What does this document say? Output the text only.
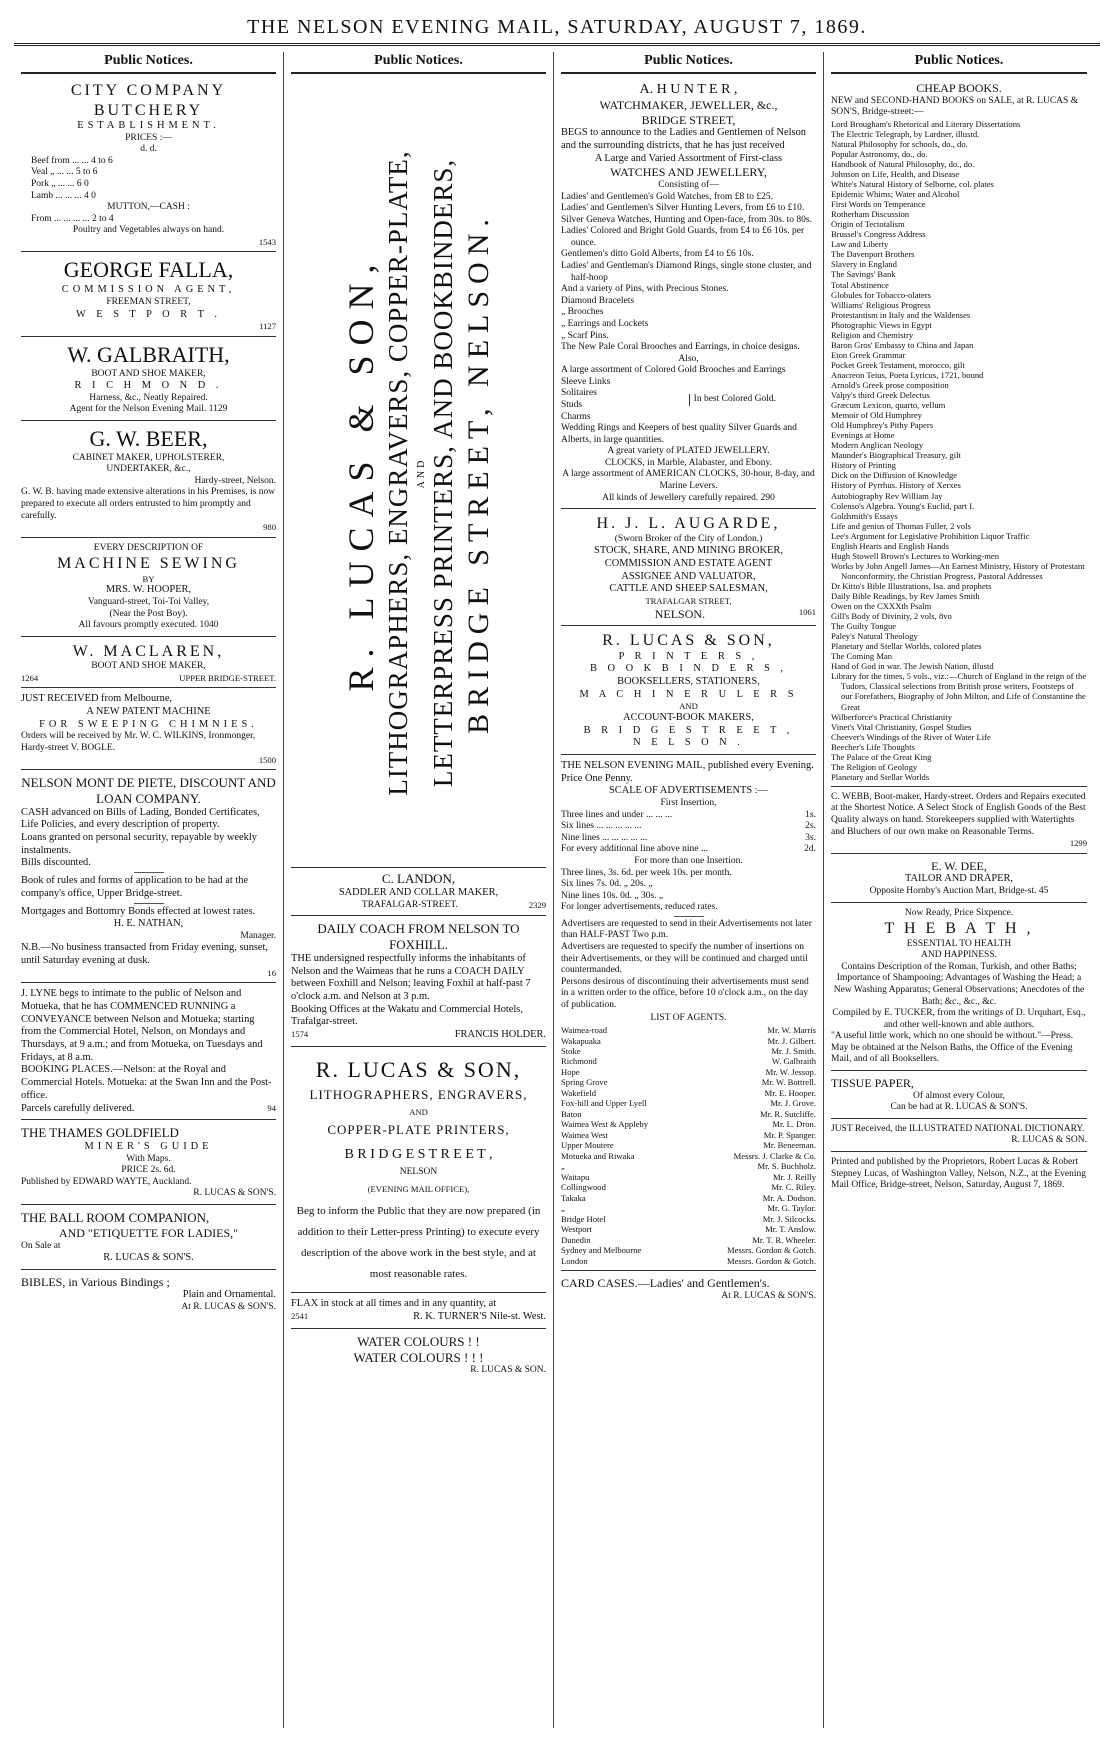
THE NELSON EVENING MAIL, SATURDAY, AUGUST 7, 1869.
Public Notices.
CITY COMPANY BUTCHERY
ESTABLISHMENT.
PRICES :—
d. d.
Beef from ... ... 4 to 6
Veal „ ... ... 5 to 6
Pork „ ... ... 6 0
Lamb ... ... ... 4 0
MUTTON,—CASH :
From ... ... ... ... 2 to 4
Poultry and Vegetables always on hand.
1543
GEORGE FALLA,
COMMISSION AGENT,
FREEMAN STREET,
W E S T P O R T .
1127
W. GALBRAITH,
BOOT AND SHOE MAKER,
R I C H M O N D .
Harness, &c., Neatly Repaired.
Agent for the Nelson Evening Mail. 1129
G. W. BEER,
CABINET MAKER, UPHOLSTERER,
UNDERTAKER, &c.,
Hardy-street, Nelson.
G. W. B. having made extensive alterations in his Premises, is now prepared to execute all orders entrusted to him promptly and carefully.
980
EVERY DESCRIPTION OF
MACHINE SEWING
BY
MRS. W. HOOPER,
Vanguard-street, Toi-Toi Valley,
(Near the Post Boy).
All favours promptly executed. 1040
W. MACLAREN,
BOOT AND SHOE MAKER,
1264	UPPER BRIDGE-STREET.
JUST RECEIVED from Melbourne,
A NEW PATENT MACHINE
FOR SWEEPING CHIMNIES.
Orders will be received by Mr. W. C. WILKINS, Ironmonger, Hardy-street V. BOGLE.
1500
NELSON MONT DE PIETE, DISCOUNT AND LOAN COMPANY.
CASH advanced on Bills of Lading, Bonded Certificates, Life Policies, and every description of property.
Loans granted on personal security, repayable by weekly instalments.
Bills discounted.
Book of rules and forms of application to be had at the company's office, Upper Bridge-street.
Mortgages and Bottomry Bonds effected at lowest rates.
H. E. NATHAN,
Manager.
N.B.—No business transacted from Friday evening, sunset, until Saturday evening at dusk.
16
J. LYNE begs to intimate to the public of Nelson and Motueka, that he has COMMENCED RUNNING a CONVEYANCE between Nelson and Motueka; starting from the Commercial Hotel, Nelson, on Mondays and Thursdays, at 9 a.m.; and from Motueka, on Tuesdays and Fridays, at 8 a.m.
BOOKING PLACES.—Nelson: at the Royal and Commercial Hotels. Motueka: at the Swan Inn and the Post-office.
Parcels carefully delivered.	94
THE THAMES GOLDFIELD
MINER'S GUIDE
With Maps.
PRICE 2s. 6d.
Published by EDWARD WAYTE, Auckland.
R. LUCAS & SON'S.
THE BALL ROOM COMPANION,
AND "ETIQUETTE FOR LADIES,"
On Sale at
R. LUCAS & SON'S.
BIBLES, in Various Bindings ;
Plain and Ornamental.
At R. LUCAS & SON'S.
Public Notices.
R. LUCAS & SON, LITHOGRAPHERS, ENGRAVERS, COPPER-PLATE, AND LETTERPRESS PRINTERS, AND BOOKBINDERS, BRIDGE STREET, NELSON.
C. LANDON,
SADDLER AND COLLAR MAKER,
TRAFALGAR-STREET.	2329
DAILY COACH FROM NELSON TO FOXHILL.
THE undersigned respectfully informs the inhabitants of Nelson and the Waimeas that he runs a COACH DAILY between Foxhill and Nelson; leaving Foxhil at half-past 7 o'clock a.m. and Nelson at 3 p.m.
Booking Offices at the Wakatu and Commercial Hotels, Trafalgar-street.
1574	FRANCIS HOLDER.
R. LUCAS & SON,
LITHOGRAPHERS, ENGRAVERS,
AND
COPPER-PLATE PRINTERS,
B R I D G E S T R E E T ,
NELSON
(EVENING MAIL OFFICE),
Beg to inform the Public that they are now prepared (in addition to their Letter-press Printing) to execute every description of the above work in the best style, and at most reasonable rates.
FLAX in stock at all times and in any quantity, at
2541	R. K. TURNER'S Nile-st. West.
WATER COLOURS ! !
WATER COLOURS ! ! !
R. LUCAS & SON.
Public Notices.
A. H U N T E R ,
WATCHMAKER, JEWELLER, &c.,
BRIDGE STREET,
BEGS to announce to the Ladies and Gentlemen of Nelson and the surrounding districts, that he has just received
A Large and Varied Assortment of First-class
WATCHES AND JEWELLERY,
Consisting of—
Ladies' and Gentlemen's Gold Watches, from £8 to £25.
Ladies' and Gentlemen's Silver Hunting Levers, from £6 to £10.
Silver Geneva Watches, Hunting and Open-face, from 30s. to 80s.
Ladies' Colored and Bright Gold Guards, from £4 to £6 10s. per ounce.
Gentlemen's ditto Gold Alberts, from £4 to £6 10s.
Ladies' and Gentleman's Diamond Rings, single stone cluster, and half-hoop
And a variety of Pins, with Precious Stones.
Diamond Bracelets
„ Brooches
„ Earrings and Lockets
„ Scarf Pins.
The New Pale Coral Brooches and Earrings, in choice designs.
Also,
A large assortment of Colored Gold Brooches and Earrings
Sleeve Links
Solitaires
Studs
Charms
In best Colored Gold.
Wedding Rings and Keepers of best quality Silver Guards and Alberts, in large quantities.
A great variety of PLATED JEWELLERY.
CLOCKS, in Marble, Alabaster, and Ebony.
A large assortment of AMERICAN CLOCKS, 30-hour, 8-day, and Marine Levers.
All kinds of Jewellery carefully repaired. 290
H. J. L. AUGARDE,
(Sworn Broker of the City of London.)
STOCK, SHARE, AND MINING BROKER,
COMMISSION AND ESTATE AGENT
ASSIGNEE AND VALUATOR,
CATTLE AND SHEEP SALESMAN,
TRAFALGAR STREET,
NELSON.	1061
R. LUCAS & SON,
P R I N T E R S ,
B O O K B I N D E R S ,
BOOKSELLERS, STATIONERS,
M A C H I N E R U L E R S
AND
ACCOUNT-BOOK MAKERS,
B R I D G E S T R E E T ,
N E L S O N .
THE NELSON EVENING MAIL, published every Evening. Price One Penny.
SCALE OF ADVERTISEMENTS :—
First Insertion,
Three lines and under ... ... ...	1s.
Six lines ... ... ... ... ...	2s.
Nine lines ... ... ... ... ...	3s.
For every additional line above nine ...	2d.
For more than one Insertion.
Three lines, 3s. 6d. per week 10s. per month.
Six lines 7s. 0d. „ 20s. „
Nine lines 10s. 0d. „ 30s. „
For longer advertisements, reduced rates.
Advertisers are requested to send in their Advertisements not later than HALF-PAST Two p.m.
Advertisers are requested to specify the number of insertions on their Advertisements, or they will be continued and charged until countermanded.
Persons desirous of discontinuing their advertisements must send in a written order to the office, before 10 o'clock a.m., on the day of publication.
LIST OF AGENTS.
Waimea-road	Mr. W. Marris
Wakapuaka	Mr. J. Gilbert.
Stoke	Mr. J. Smith.
Richmond	W. Galbraith
Hope	Mr. W. Jessop.
Spring Grove	Mr. W. Bottrell.
Wakefield	Mr. E. Hooper.
Fox-hill and Upper Lyell	Mr. J. Grove.
Baton	Mr. R. Sutcliffe.
Waimea West & Appleby	Mr. L. Dron.
Waimea West	Mr. P. Spanger.
Upper Moutere	Mr. Beneeman.
Motueka and Riwaka	Messrs. J. Clarke & Co.
„	Mr. S. Buchholz.
Waitapu	Mr. J. Reilly
Collingwood	Mr. C. Riley.
Takaka	Mr. A. Dodson.
„	Mr. G. Taylor.
Bridge Hotel	Mr. J. Silcocks.
Westport	Mr. T. Anslow.
Dunedin	Mr. T. R. Wheeler.
Sydney and Melbourne	Messrs. Gordon & Gotch.
London	Messrs. Gordon & Gotch.
CARD CASES.—Ladies' and Gentlemen's.
At R. LUCAS & SON'S.
Public Notices.
CHEAP BOOKS.
NEW and SECOND-HAND BOOKS on SALE, at R. LUCAS & SON'S, Bridge-street:—
Lord Brougham's Rhetorical and Literary Dissertations
The Electric Telegraph, by Lardner, illustd.
Natural Philosophy for schools, do., do.
Popular Astronomy, do., do.
Handbook of Natural Philosophy, do., do.
Johnson on Life, Health, and Disease
White's Natural History of Selborne, col. plates
Epidemic Whims; Water and Alcohol
First Words on Temperance
Rotherham Discussion
Origin of Tectotalism
Brussel's Congress Address
Law and Liberty
The Davenport Brothers
Slavery in England
The Savings' Bank
Total Abstinence
Globules for Tobacco-olaters
Williams' Religious Progress
Protestantism in Italy and the Waldenses
Photographic Views in Egypt
Religion and Chemistry
Baron Gros' Embassy to China and Japan
Eton Greek Grammar
Pocket Greek Testament, morocco, gilt
Anacreon Teius, Poeta Lyricus, 1721, bound
Arnold's Greek prose composition
Valpy's third Greek Delectus
Græcum Lexicon, quarto, vellum
Memoir of Old Humphrey
Old Humphrey's Pithy Papers
Evenings at Home
Modern Anglican Neology
Maunder's Biographical Treasury, gilt
History of Printing
Dick on the Diffusion of Knowledge
History of Pyrrhus. History of Xerxes
Autobiography Rev William Jay
Colenso's Algebra. Young's Euclid, part I.
Goldsmith's Essays
Life and genius of Thomas Fuller, 2 vols
Lee's Argument for Legislative Prohibition Liquor Traffic
English Hearts and English Hands
Hugh Stowell Brown's Lectures to Working-men
Works by John Angell James—An Earnest Ministry, History of Protestant Nonconformity, the Christian Progress, Pastoral Addresses
Dr Kitto's Bible Illustrations, Isa. and prophets
Daily Bible Readings, by Rev James Smith
Owen on the CXXXth Psalm
Gill's Body of Divinity, 2 vols, 8vo
The Guilty Tongue
Paley's Natural Theology
Planetary and Stellar Worlds, colored plates
The Coming Man
Hand of God in war. The Jewish Nation, illustd
Library for the times, 5 vols., viz.:—Church of England in the reign of the Tudors, Classical selections from British prose writers, Footsteps of our Forefathers, Biography of John Milton, and Life of Constantine the Great
Wilberforce's Practical Christianity
Vinet's Vital Christianity, Gospel Studies
Cheever's Windings of the River of Water Life
Beecher's Life Thoughts
The Palace of the Great King
The Religion of Geology
Planetary and Stellar Worlds
C. WEBB, Boot-maker, Hardy-street. Orders and Repairs executed at the Shortest Notice. A Select Stock of English Goods of the Best Quality always on hand. Storekeepers supplied with Watertights and Bluchers of our own make on Reasonable Terms.
1299
E. W. DEE,
TAILOR AND DRAPER,
Opposite Hornby's Auction Mart, Bridge-st. 45
Now Ready, Price Sixpence.
T H E B A T H ,
ESSENTIAL TO HEALTH
AND HAPPINESS.
Contains Description of the Roman, Turkish, and other Baths; Importance of Shampooing; Advantages of Washing the Head; a New Washing Apparatus; General Observations; Anecdotes of the Bath; &c., &c., &c.
Compiled by E. TUCKER, from the writings of D. Urquhart, Esq., and other well-known and able authors.
"A useful little work, which no one should be without."—Press.
May be obtained at the Nelson Baths, the Office of the Evening Mail, and of all Booksellers.
TISSUE PAPER,
Of almost every Colour,
Can be had at R. LUCAS & SON'S.
JUST Received, the ILLUSTRATED NATIONAL DICTIONARY.
R. LUCAS & SON.
Printed and published by the Proprietors, Robert Lucas & Robert Stepney Lucas, of Washington Valley, Nelson, N.Z., at the Evening Mail Office, Bridge-street, Nelson, Saturday, August 7, 1869.
